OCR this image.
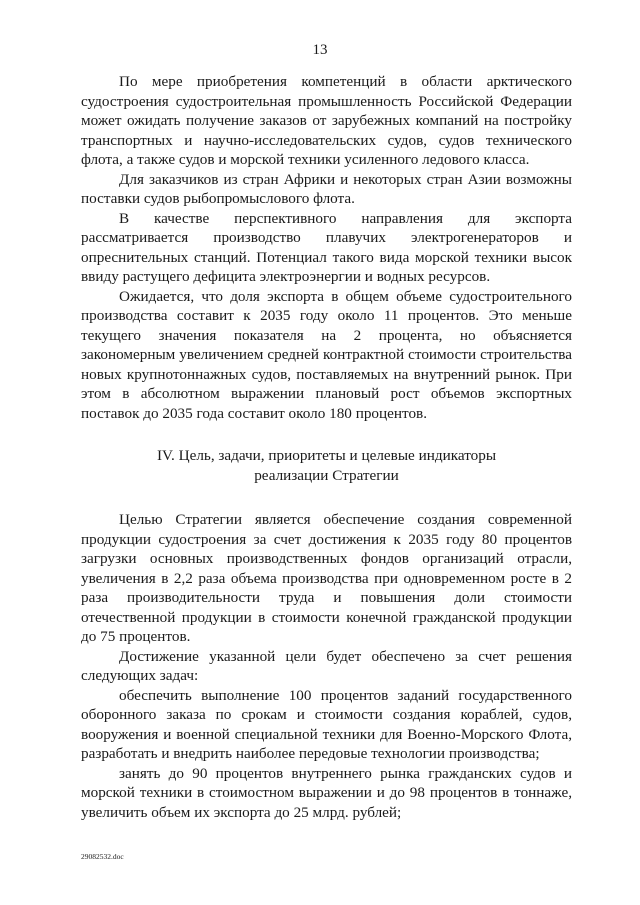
13

По мере приобретения компетенций в области арктического судостроения судостроительная промышленность Российской Федерации может ожидать получение заказов от зарубежных компаний на постройку транспортных и научно-исследовательских судов, судов технического флота, а также судов и морской техники усиленного ледового класса.

Для заказчиков из стран Африки и некоторых стран Азии возможны поставки судов рыбопромыслового флота.

В качестве перспективного направления для экспорта рассматривается производство плавучих электрогенераторов и опреснительных станций. Потенциал такого вида морской техники высок ввиду растущего дефицита электроэнергии и водных ресурсов.

Ожидается, что доля экспорта в общем объеме судостроительного производства составит к 2035 году около 11 процентов. Это меньше текущего значения показателя на 2 процента, но объясняется закономерным увеличением средней контрактной стоимости строительства новых крупнотоннажных судов, поставляемых на внутренний рынок. При этом в абсолютном выражении плановый рост объемов экспортных поставок до 2035 года составит около 180 процентов.

IV. Цель, задачи, приоритеты и целевые индикаторы
реализации Стратегии

Целью Стратегии является обеспечение создания современной продукции судостроения за счет достижения к 2035 году 80 процентов загрузки основных производственных фондов организаций отрасли, увеличения в 2,2 раза объема производства при одновременном росте в 2 раза производительности труда и повышения доли стоимости отечественной продукции в стоимости конечной гражданской продукции до 75 процентов.

Достижение указанной цели будет обеспечено за счет решения следующих задач:

обеспечить выполнение 100 процентов заданий государственного оборонного заказа по срокам и стоимости создания кораблей, судов, вооружения и военной специальной техники для Военно-Морского Флота, разработать и внедрить наиболее передовые технологии производства;

занять до 90 процентов внутреннего рынка гражданских судов и морской техники в стоимостном выражении и до 98 процентов в тоннаже, увеличить объем их экспорта до 25 млрд. рублей;

29082532.doc
